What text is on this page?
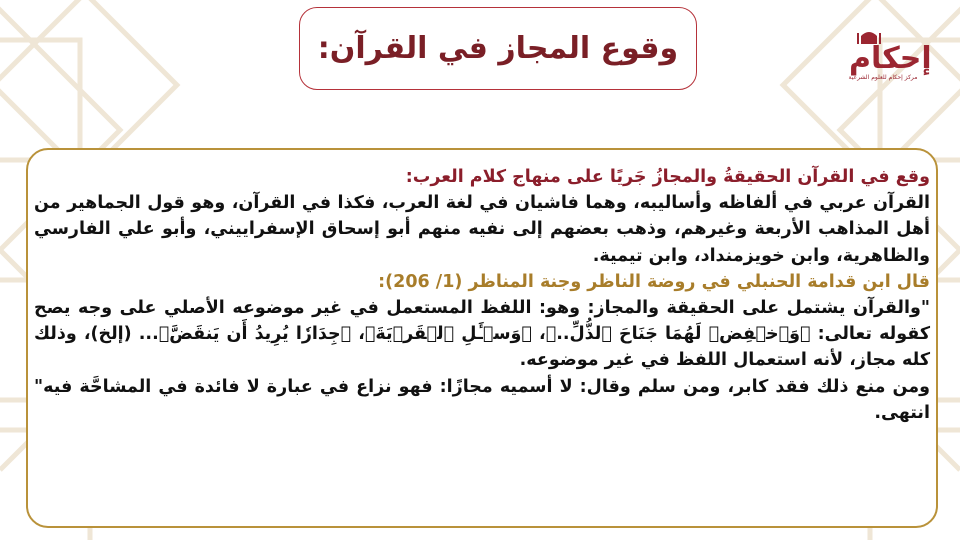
وقوع المجاز في القرآن:	إحكام
مركز إحكام للعلوم الشرعية

وقع في القرآن الحقيقةُ والمجازُ جَريًا على منهاج كلام العرب:

القرآن عربي في ألفاظه وأساليبه، وهما فاشيان في لغة العرب، فكذا في القرآن، وهو قول الجماهير من أهل المذاهب الأربعة وغيرهم، وذهب بعضهم إلى نفيه منهم أبو إسحاق الإسفراييني، وأبو علي الفارسي والظاهرية، وابن خويزمنداد، وابن تيمية.

قال ابن قدامة الحنبلي في روضة الناظر وجنة المناظر (1/ 206):

"والقرآن يشتمل على الحقيقة والمجاز: وهو: اللفظ المستعمل في غير موضوعه الأصلي على وجه يصح كقوله تعالى: ﴿وَٱخۡفِضۡ لَهُمَا جَنَاحَ ٱلذُّلِّ..﴾، ﴿وَسۡـَٔلِ ٱلۡقَرۡيَةَ﴾، ﴿جِدَارٗا يُرِيدُ أَن يَنقَضَّ﴾... (إلخ)، وذلك كله مجاز، لأنه استعمال اللفظ في غير موضوعه.

ومن منع ذلك فقد كابر، ومن سلم وقال: لا أسميه مجازًا: فهو نزاع في عبارة لا فائدة في المشاحَّة فيه" انتهى.
